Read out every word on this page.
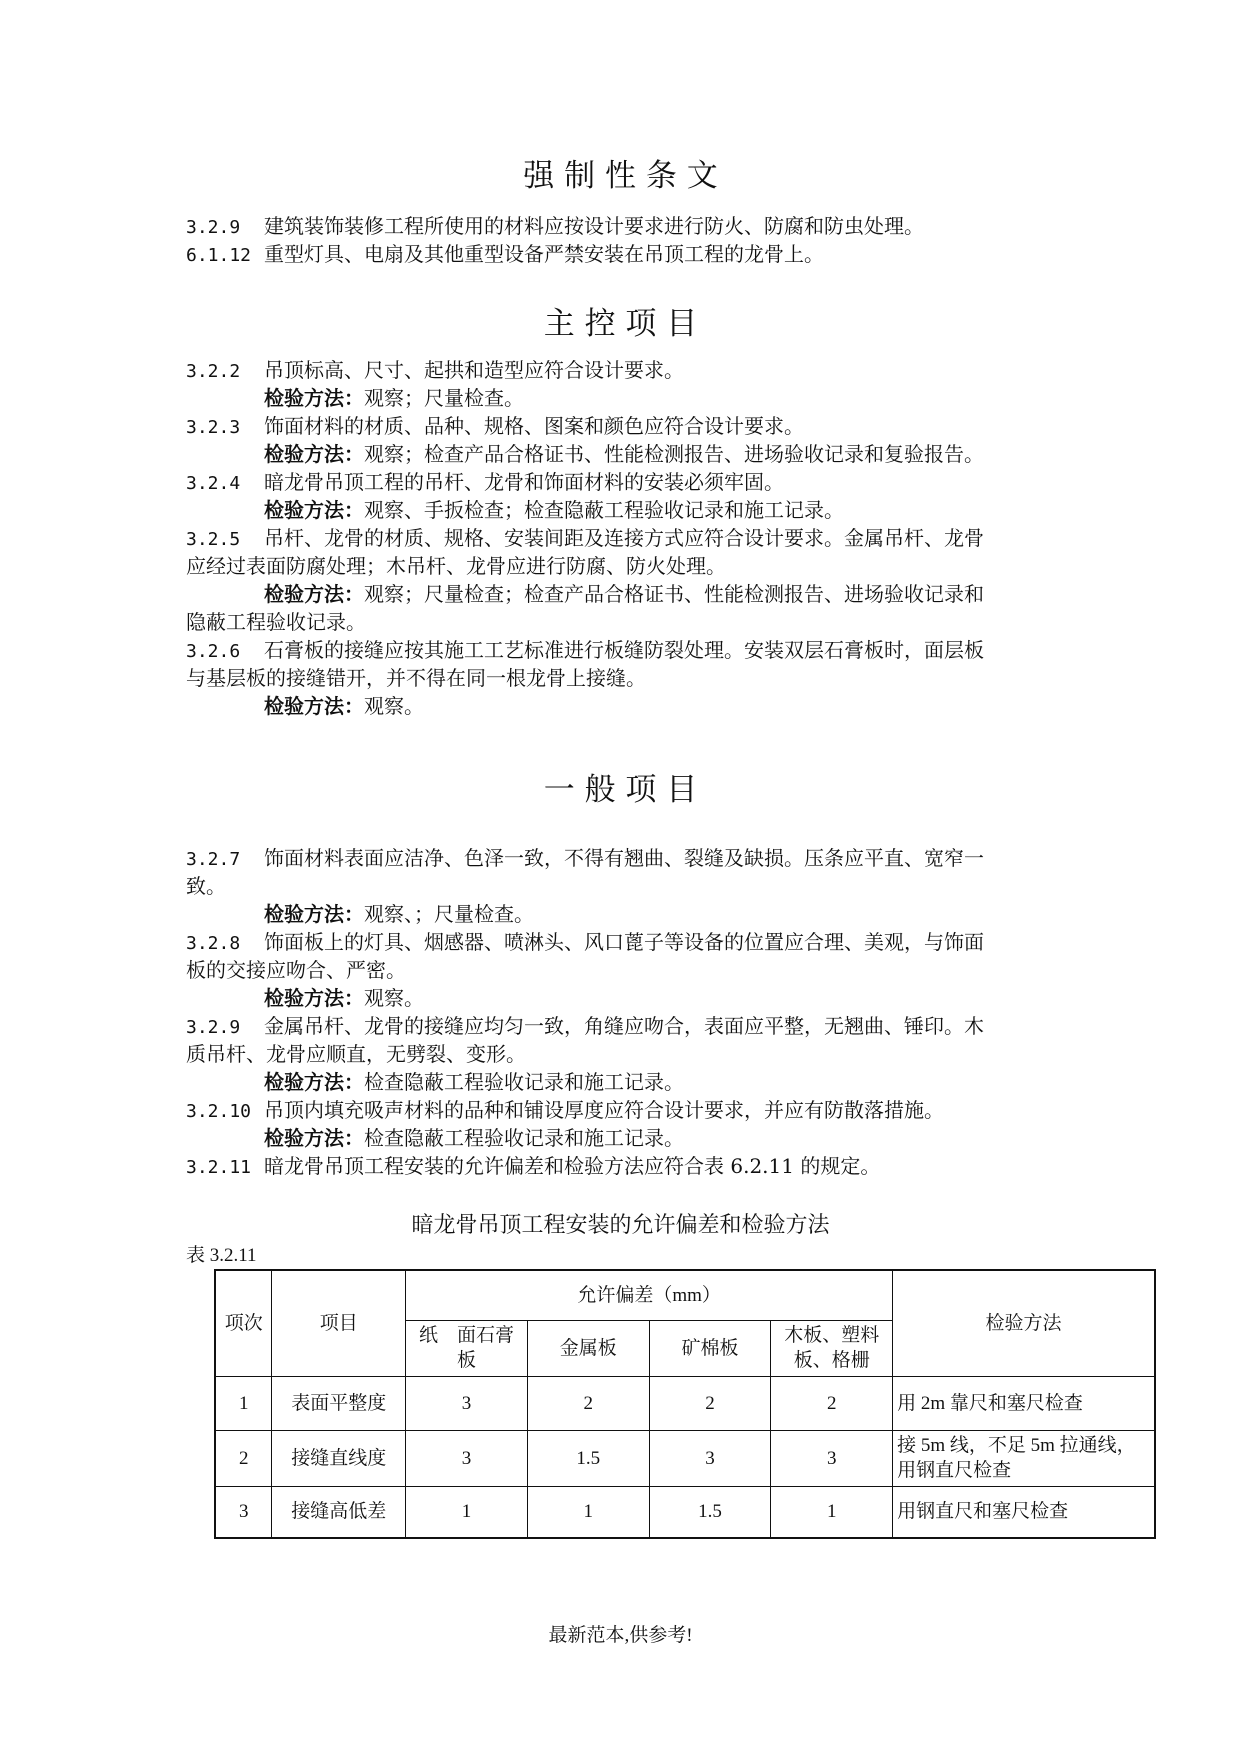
强 制 性 条 文
3.2.9 建筑装饰装修工程所使用的材料应按设计要求进行防火、防腐和防虫处理。
6.1.12 重型灯具、电扇及其他重型设备严禁安装在吊顶工程的龙骨上。
主 控 项 目
3.2.2 吊顶标高、尺寸、起拱和造型应符合设计要求。
检验方法：观察；尺量检查。
3.2.3 饰面材料的材质、品种、规格、图案和颜色应符合设计要求。
检验方法：观察；检查产品合格证书、性能检测报告、进场验收记录和复验报告。
3.2.4 暗龙骨吊顶工程的吊杆、龙骨和饰面材料的安装必须牢固。
检验方法：观察、手扳检查；检查隐蔽工程验收记录和施工记录。
3.2.5 吊杆、龙骨的材质、规格、安装间距及连接方式应符合设计要求。金属吊杆、龙骨
应经过表面防腐处理；木吊杆、龙骨应进行防腐、防火处理。
检验方法：观察；尺量检查；检查产品合格证书、性能检测报告、进场验收记录和
隐蔽工程验收记录。
3.2.6 石膏板的接缝应按其施工工艺标准进行板缝防裂处理。安装双层石膏板时，面层板
与基层板的接缝错开，并不得在同一根龙骨上接缝。
检验方法：观察。
一 般 项 目
3.2.7 饰面材料表面应洁净、色泽一致，不得有翘曲、裂缝及缺损。压条应平直、宽窄一
致。
检验方法：观察、；尺量检查。
3.2.8 饰面板上的灯具、烟感器、喷淋头、风口蓖子等设备的位置应合理、美观，与饰面
板的交接应吻合、严密。
检验方法：观察。
3.2.9 金属吊杆、龙骨的接缝应均匀一致，角缝应吻合，表面应平整，无翘曲、锤印。木
质吊杆、龙骨应顺直，无劈裂、变形。
检验方法：检查隐蔽工程验收记录和施工记录。
3.2.10 吊顶内填充吸声材料的品种和铺设厚度应符合设计要求，并应有防散落措施。
检验方法：检查隐蔽工程验收记录和施工记录。
3.2.11 暗龙骨吊顶工程安装的允许偏差和检验方法应符合表 6.2.11 的规定。
暗龙骨吊顶工程安装的允许偏差和检验方法
表 3.2.11
项次	项目	允许偏差（mm）				检验方法
		纸　面石膏板	金属板	矿棉板	木板、塑料板、格栅	
1	表面平整度	3	2	2	2	用 2m 靠尺和塞尺检查
2	接缝直线度	3	1.5	3	3	接 5m 线，不足 5m 拉通线，用钢直尺检查
3	接缝高低差	1	1	1.5	1	用钢直尺和塞尺检查
最新范本,供参考!
